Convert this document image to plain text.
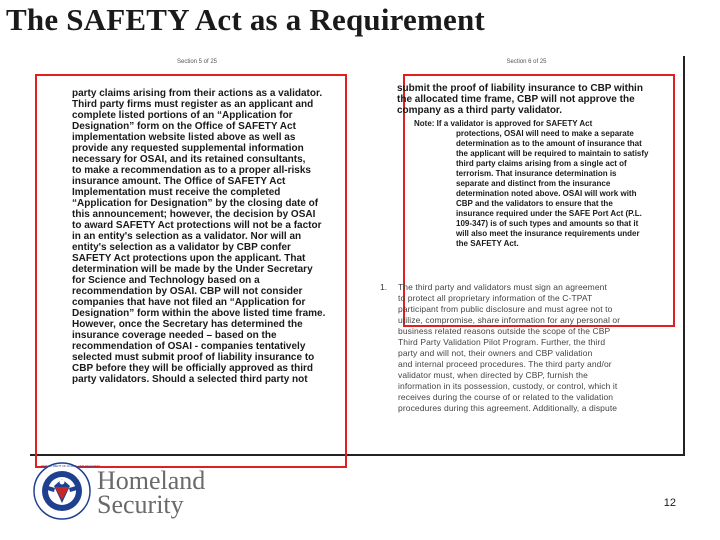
The SAFETY Act as a Requirement
Section 5 of 25
party claims arising from their actions as a validator.
Third party firms must register as an applicant and
complete listed portions of an “Application for
Designation” form on the Office of SAFETY Act
implementation website listed above as well as
provide any requested supplemental information
necessary for OSAI, and its retained consultants,
to make a recommendation as to a proper all-risks
insurance amount. The Office of SAFETY Act
Implementation must receive the completed
“Application for Designation” by the closing date of
this announcement; however, the decision by OSAI
to award SAFETY Act protections will not be a factor
in an entity's selection as a validator. Nor will an
entity's selection as a validator by CBP confer
SAFETY Act protections upon the applicant. That
determination will be made by the Under Secretary
for Science and Technology based on a
recommendation by OSAI. CBP will not consider
companies that have not filed an “Application for
Designation” form within the above listed time frame.
However, once the Secretary has determined the
insurance coverage needed – based on the
recommendation of OSAI - companies tentatively
selected must submit proof of liability insurance to
CBP before they will be officially approved as third
party validators. Should a selected third party not
Section 6 of 25
submit the proof of liability insurance to CBP within
the allocated time frame, CBP will not approve the
company as a third party validator.
Note: If a validator is approved for SAFETY Act
protections, OSAI will need to make a separate
determination as to the amount of insurance that
the applicant will be required to maintain to satisfy
third party claims arising from a single act of
terrorism. That insurance determination is
separate and distinct from the insurance
determination noted above. OSAI will work with
CBP and the validators to ensure that the
insurance required under the SAFE Port Act (P.L.
109-347) is of such types and amounts so that it
will also meet the insurance requirements under
the SAFETY Act.
1. The third party and validators must sign an agreement
to protect all proprietary information of the C-TPAT
participant from public disclosure and must agree not to
utilize, compromise, share information for any personal or
business related reasons outside the scope of the CBP
Third Party Validation Pilot Program. Further, the third
party and will not, their owners and CBP validation
and internal proceed procedures. The third party and/or
validator must, when directed by CBP, furnish the
information in its possession, custody, or control, which it
receives during the course of or related to the validation
procedures during this agreement. Additionally, a dispute
DEPARTMENT OF HOMELAND SECURITY
Homeland
Security	12
